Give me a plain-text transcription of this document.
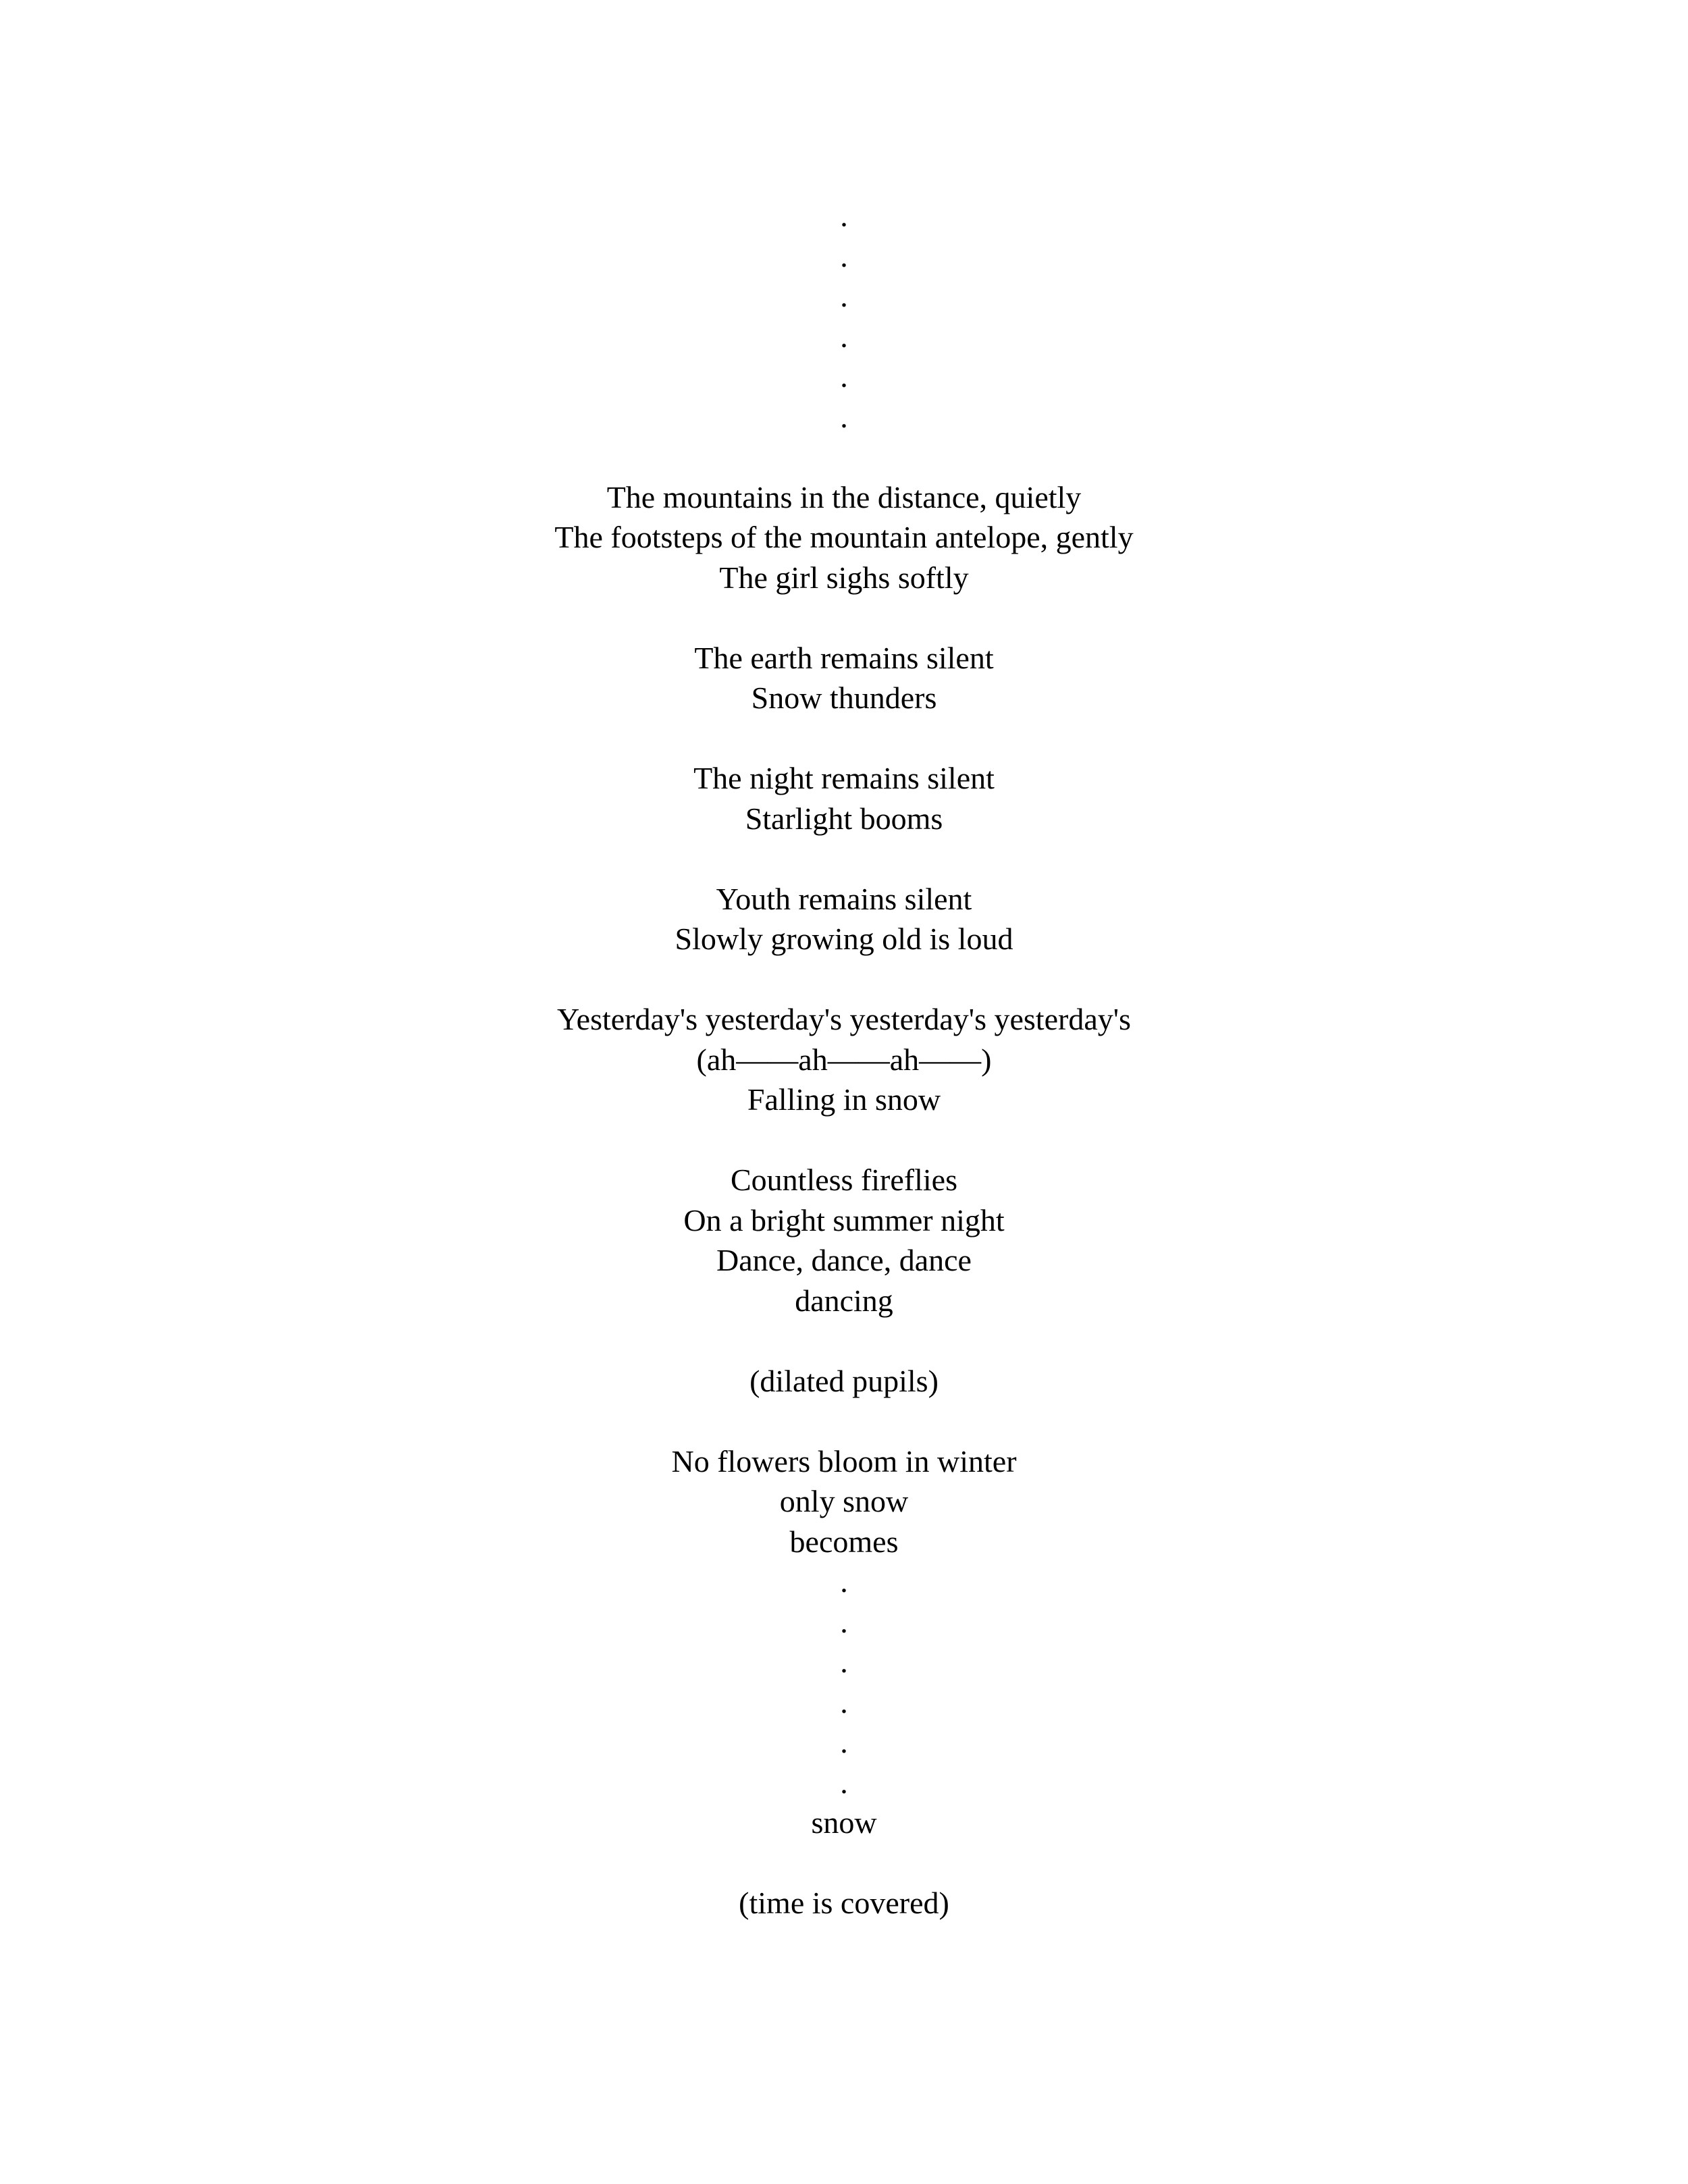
.
.
.
.
.
.
The mountains in the distance, quietly
The footsteps of the mountain antelope, gently
The girl sighs softly
The earth remains silent
Snow thunders
The night remains silent
Starlight booms
Youth remains silent
Slowly growing old is loud
Yesterday's yesterday's yesterday's yesterday's
(ah——ah——ah——)
Falling in snow
Countless fireflies
On a bright summer night
Dance, dance, dance
dancing
(dilated pupils)
No flowers bloom in winter
only snow
becomes
.
.
.
.
.
.
snow
(time is covered)
